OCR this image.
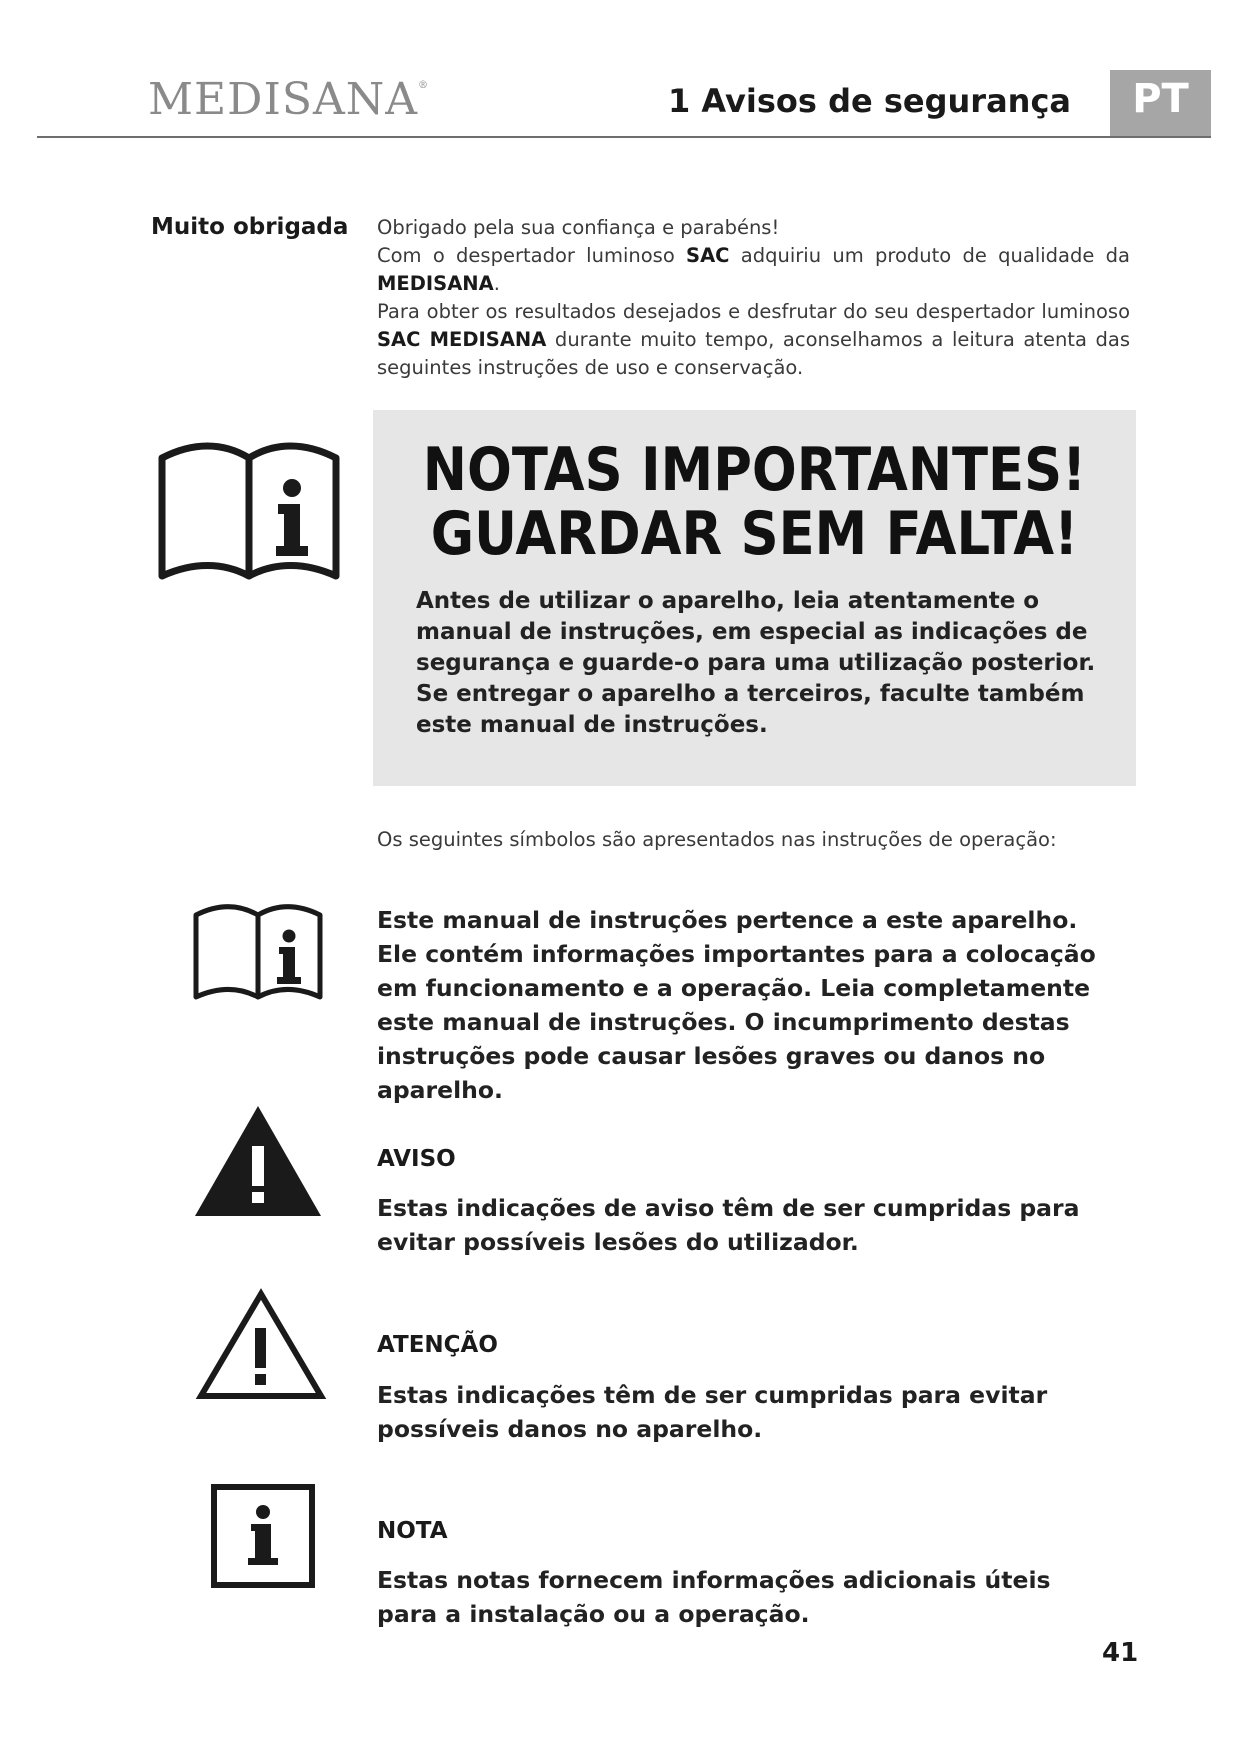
MEDISANA®	1 Avisos de segurança	PT
Muito obrigada Obrigado pela sua confiança e parabéns!

Com o despertador luminoso SAC adquiriu um produto de qualidade da MEDISANA.

Para obter os resultados desejados e desfrutar do seu despertador luminoso SAC MEDISANA durante muito tempo, aconselhamos a leitura atenta das seguintes instruções de uso e conservação.

NOTAS IMPORTANTES!
GUARDAR SEM FALTA!

Antes de utilizar o aparelho, leia atentamente o manual de instruções, em especial as indicações de segurança e guarde-o para uma utilização posterior.

Se entregar o aparelho a terceiros, faculte também este manual de instruções.

Os seguintes símbolos são apresentados nas instruções de operação:
Este manual de instruções pertence a este aparelho. Ele contém informações importantes para a colocação em funcionamento e a operação. Leia completamente este manual de instruções. O incumprimento destas instruções pode causar lesões graves ou danos no aparelho.
AVISO
Estas indicações de aviso têm de ser cumpridas para evitar possíveis lesões do utilizador.
ATENÇÃO
Estas indicações têm de ser cumpridas para evitar possíveis danos no aparelho.
NOTA
Estas notas fornecem informações adicionais úteis para a instalação ou a operação.
41
